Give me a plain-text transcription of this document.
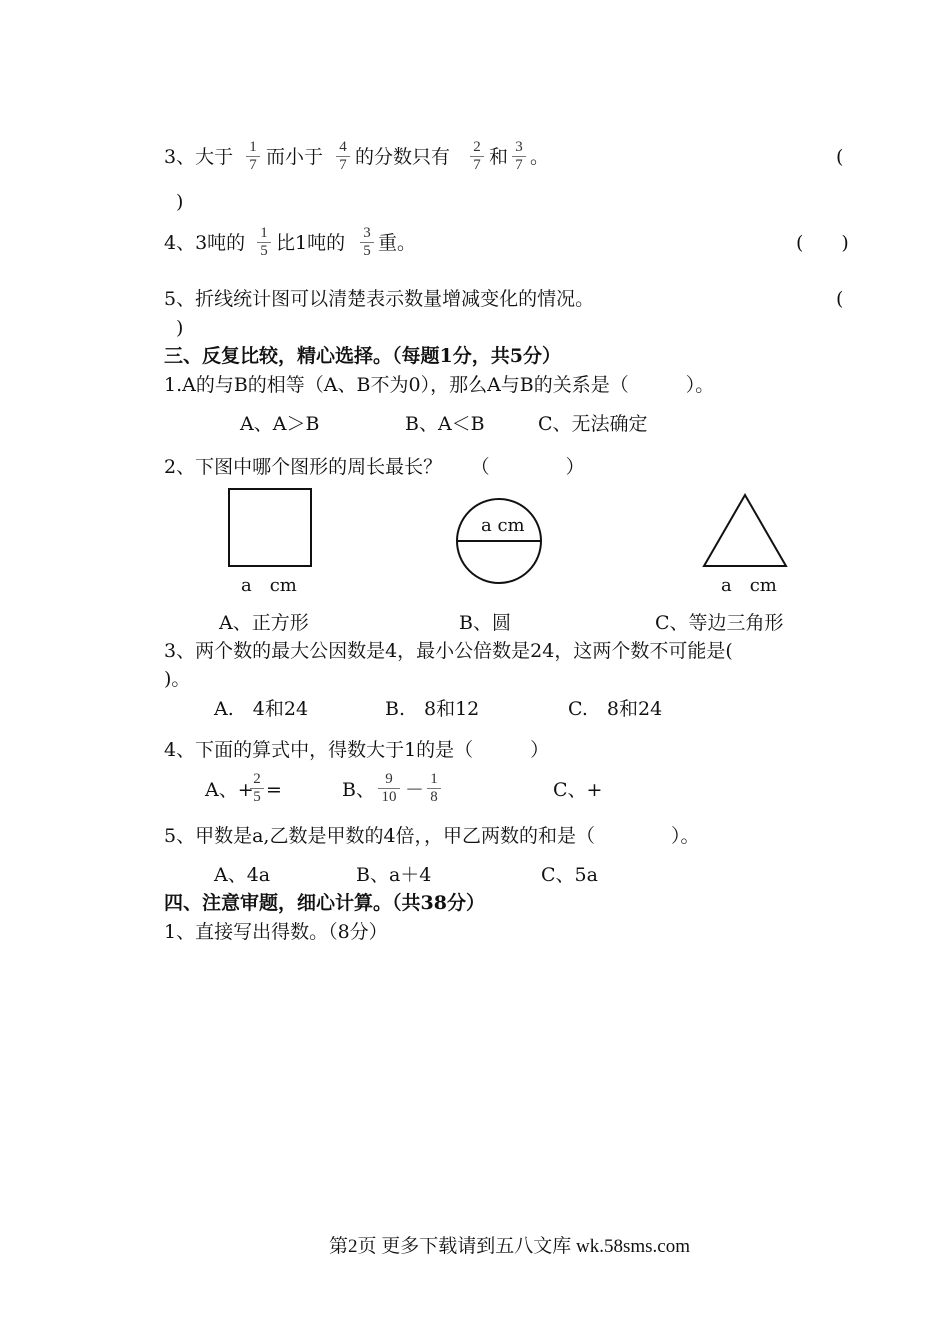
3、大于 $\frac{1}{7}$ 而小于 $\frac{4}{7}$ 的分数只有 $\frac{2}{7}$ 和 $\frac{3}{7}$ 。	(
)
4、3吨的 $\frac{1}{5}$ 比1吨的 $\frac{3}{5}$ 重。	(　　)
5、折线统计图可以清楚表示数量增减变化的情况。	(
)
三、反复比较，精心选择。（每题1分，共5分）
1.A的与B的相等（A、B不为0），那么A与B的关系是（　　　）。
A、A＞B	B、A＜B	C、无法确定
2、下图中哪个图形的周长最长？　　（　　　　）
a　cm
a cm
a　cm
A、正方形	B、圆	C、等边三角形
3、两个数的最大公因数是4，最小公倍数是24，这两个数不可能是(
)。
A.　4和24	B.　8和12	C.　8和24
4、下面的算式中，得数大于1的是（　　　）
A、+
$\frac{2}{5}$ =	B、 $\frac{9}{10} - \frac{1}{8}$	C、+
5、甲数是a,乙数是甲数的4倍，，甲乙两数的和是（　　　　）。
A、4a	B、a＋4	C、5a
四、注意审题，细心计算。（共38分）
1、直接写出得数。（8分）
第2页 更多下载请到五八文库 wk.58sms.com
